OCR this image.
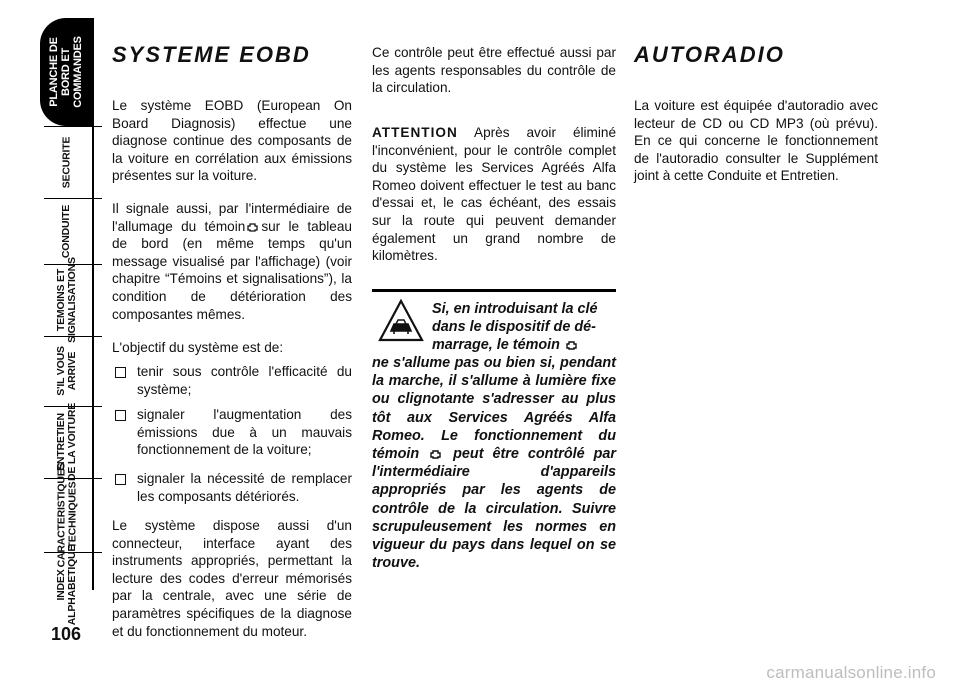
PLANCHE DE
BORD ET
COMMANDES
SECURITE
CONDUITE
TEMOINS ET
SIGNALISATIONS
S'IL VOUS
ARRIVE
ENTRETIEN
DE LA VOITURE
CARACTERISTIQUES
TECHNIQUES
INDEX
ALPHABETIQUE
106
SYSTEME EOBD

Le système EOBD (European On Board Diagnosis) effectue une diagnose continue des composants de la voiture en corrélation aux émissions présentes sur la voiture.

Il signale aussi, par l'intermédiaire de l'allumage du témoin sur le tableau de bord (en même temps qu'un message visualisé par l'affichage) (voir chapitre “Témoins et signalisations”), la condition de détérioration des composantes mêmes.

L'objectif du système est de:

tenir sous contrôle l'efficacité du système;

signaler l'augmentation des émissions due à un mauvais fonctionnement de la voiture;

signaler la nécessité de remplacer les composants détériorés.

Le système dispose aussi d'un connecteur, interface ayant des instruments appropriés, permettant la lecture des codes d'erreur mémorisés par la centrale, avec une série de paramètres spécifiques de la diagnose et du fonctionnement du moteur.

Ce contrôle peut être effectué aussi par les agents responsables du contrôle de la circulation.

ATTENTION Après avoir éliminé l'inconvénient, pour le contrôle complet du système les Services Agréés Alfa Romeo doivent effectuer le test au banc d'essai et, le cas échéant, des essais sur la route qui peuvent demander également un grand nombre de kilomètres.

Si, en introduisant la clé

dans le dispositif de dé-

marrage, le témoin

ne s'allume pas ou bien si, pendant la marche, il s'allume à lumière fixe ou clignotante s'adresser au plus tôt aux Services Agréés Alfa Romeo. Le fonctionnement du témoin peut être contrôlé par l'intermédiaire d'appareils appropriés par les agents de contrôle de la circulation. Suivre scrupuleusement les normes en vigueur du pays dans lequel on se trouve.

AUTORADIO

La voiture est équipée d'autoradio avec lecteur de CD ou CD MP3 (où prévu). En ce qui concerne le fonctionnement de l'autoradio consulter le Supplément joint à cette Conduite et Entretien.

carmanualsonline.info
